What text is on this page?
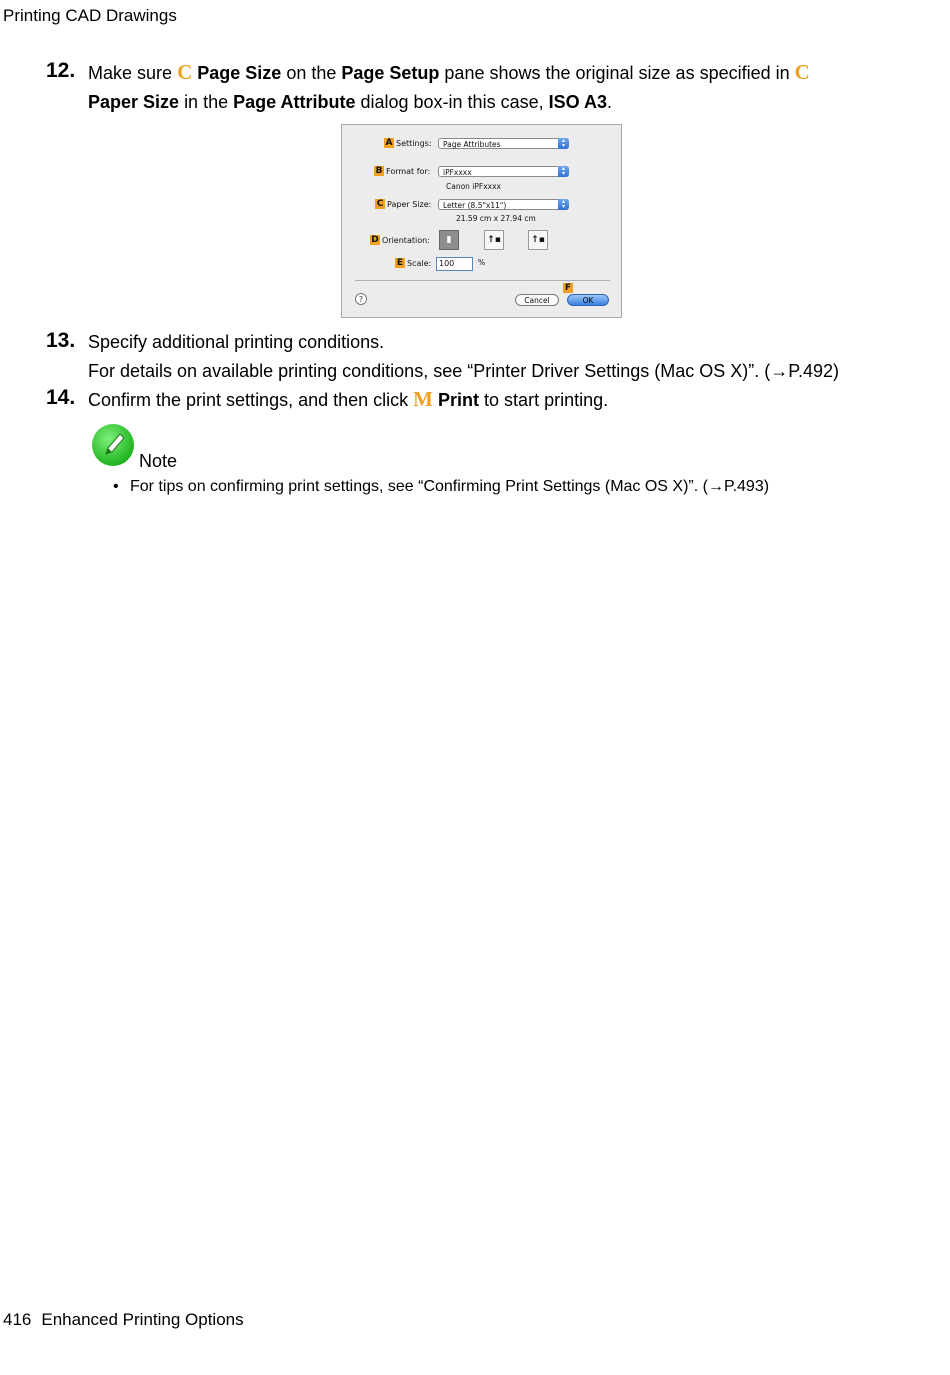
Printing CAD Drawings
12. Make sure C Page Size on the Page Setup pane shows the original size as specified in C
Paper Size in the Page Attribute dialog box-in this case, ISO A3.
A Settings:	Page Attributes	▴
▾
B Format for:	iPFxxxx	▴
▾
Canon iPFxxxx
C Paper Size:	Letter (8.5"x11")	▴
▾
21.59 cm x 27.94 cm
D Orientation:	▮	↑▪	↑▪
E Scale: 100	%
F
?	Cancel	OK
13. Specify additional printing conditions.
For details on available printing conditions, see “Printer Driver Settings (Mac OS X)”. (→P.492)
14. Confirm the print settings, and then click M Print to start printing.
Note
• For tips on confirming print settings, see “Confirming Print Settings (Mac OS X)”. (→P.493)
416 Enhanced Printing Options
